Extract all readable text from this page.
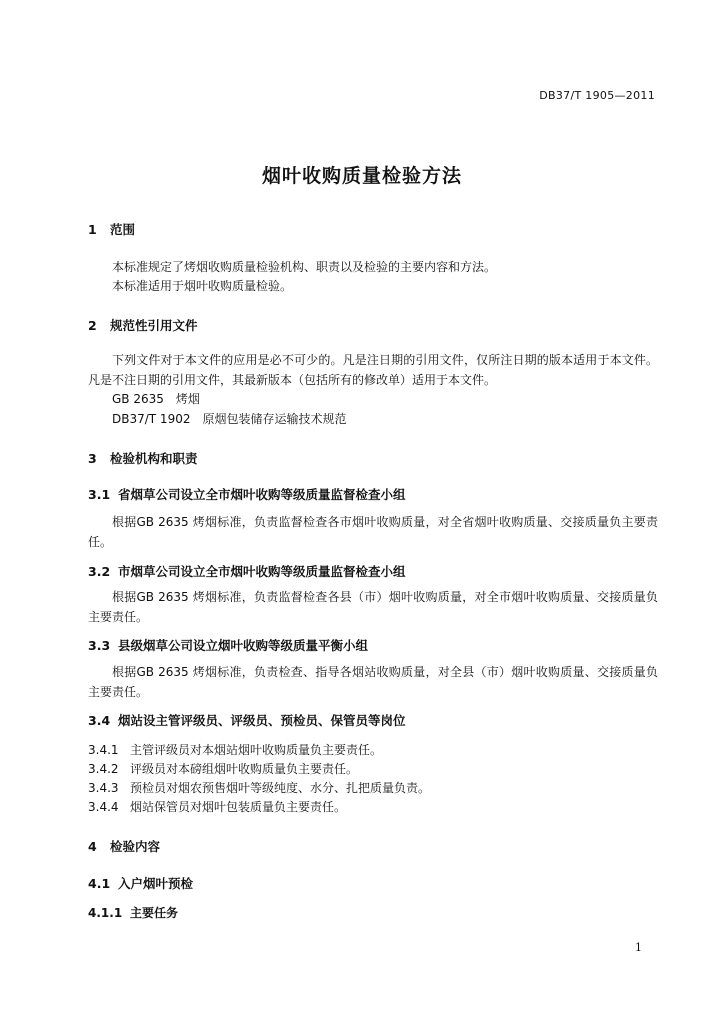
DB37/T 1905—2011
烟叶收购质量检验方法
1 范围
本标准规定了烤烟收购质量检验机构、职责以及检验的主要内容和方法。
本标准适用于烟叶收购质量检验。
2 规范性引用文件
下列文件对于本文件的应用是必不可少的。凡是注日期的引用文件，仅所注日期的版本适用于本文件。凡是不注日期的引用文件，其最新版本（包括所有的修改单）适用于本文件。
GB 2635　烤烟
DB37/T 1902　原烟包装储存运输技术规范
3 检验机构和职责
3.1 省烟草公司设立全市烟叶收购等级质量监督检查小组
根据GB 2635 烤烟标准，负责监督检查各市烟叶收购质量，对全省烟叶收购质量、交接质量负主要责任。
3.2 市烟草公司设立全市烟叶收购等级质量监督检查小组
根据GB 2635 烤烟标准，负责监督检查各县（市）烟叶收购质量，对全市烟叶收购质量、交接质量负主要责任。
3.3 县级烟草公司设立烟叶收购等级质量平衡小组
根据GB 2635 烤烟标准，负责检查、指导各烟站收购质量，对全县（市）烟叶收购质量、交接质量负主要责任。
3.4 烟站设主管评级员、评级员、预检员、保管员等岗位
3.4.1 主管评级员对本烟站烟叶收购质量负主要责任。
3.4.2 评级员对本磅组烟叶收购质量负主要责任。
3.4.3 预检员对烟农预售烟叶等级纯度、水分、扎把质量负责。
3.4.4 烟站保管员对烟叶包装质量负主要责任。
4 检验内容
4.1 入户烟叶预检
4.1.1 主要任务
1
